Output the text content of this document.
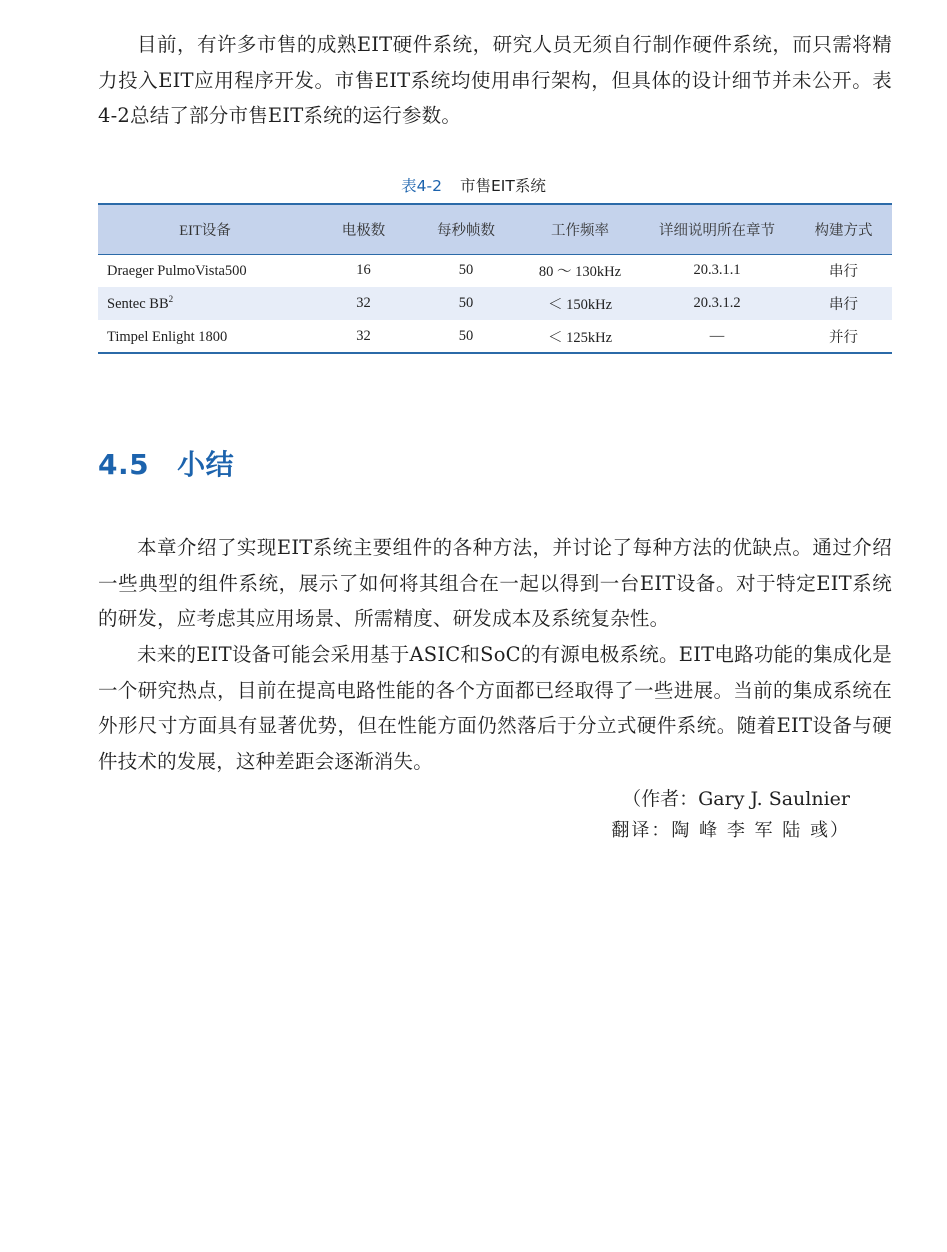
目前，有许多市售的成熟EIT硬件系统，研究人员无须自行制作硬件系统，而只需将精力投入EIT应用程序开发。市售EIT系统均使用串行架构，但具体的设计细节并未公开。表4-2总结了部分市售EIT系统的运行参数。

表4-2 市售EIT系统
EIT设备	电极数	每秒帧数	工作频率	详细说明所在章节	构建方式
Draeger PulmoVista500	16	50	80 ～ 130kHz	20.3.1.1	串行
Sentec $BB^2$	32	50	＜ 150kHz	20.3.1.2	串行
Timpel Enlight 1800	32	50	＜ 125kHz	—	并行
4.5 小结

本章介绍了实现EIT系统主要组件的各种方法，并讨论了每种方法的优缺点。通过介绍一些典型的组件系统，展示了如何将其组合在一起以得到一台EIT设备。对于特定EIT系统的研发，应考虑其应用场景、所需精度、研发成本及系统复杂性。

未来的EIT设备可能会采用基于ASIC和SoC的有源电极系统。EIT电路功能的集成化是一个研究热点，目前在提高电路性能的各个方面都已经取得了一些进展。当前的集成系统在外形尺寸方面具有显著优势，但在性能方面仍然落后于分立式硬件系统。随着EIT设备与硬件技术的发展，这种差距会逐渐消失。

（作者：Gary J. Saulnier

翻译：陶 峰 李 军 陆 彧）
